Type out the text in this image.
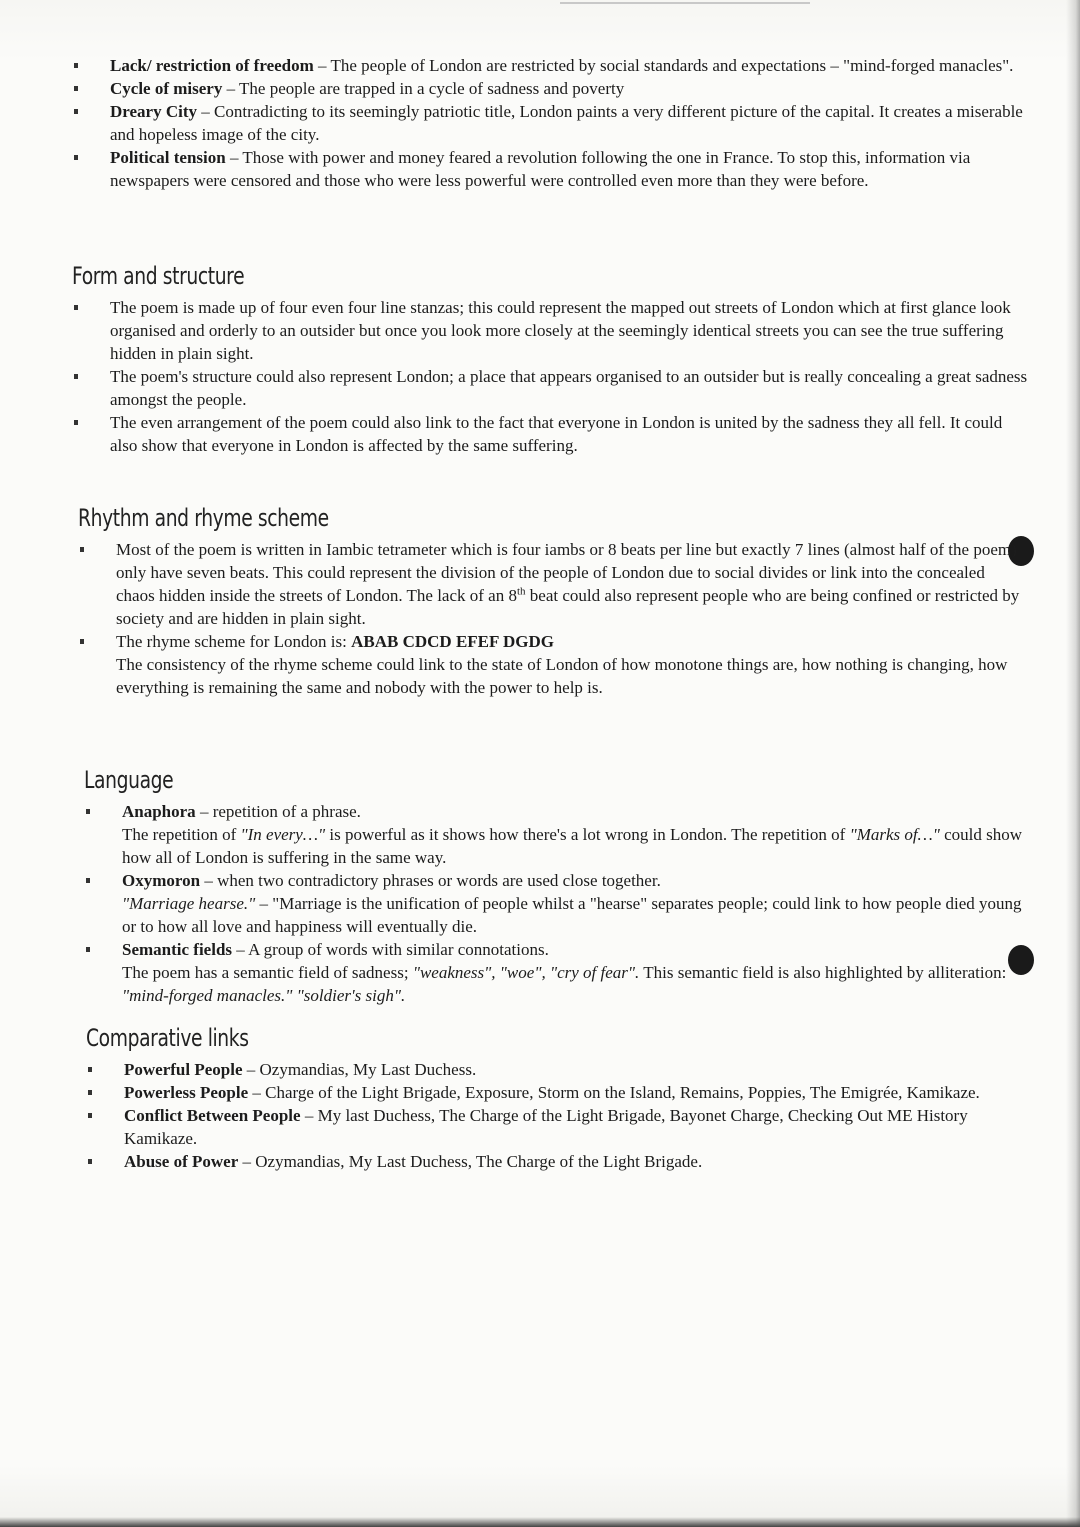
Lack/ restriction of freedom – The people of London are restricted by social standards and expectations – "mind-forged manacles".
Cycle of misery – The people are trapped in a cycle of sadness and poverty
Dreary City – Contradicting to its seemingly patriotic title, London paints a very different picture of the capital. It creates a miserable and hopeless image of the city.
Political tension – Those with power and money feared a revolution following the one in France. To stop this, information via newspapers were censored and those who were less powerful were controlled even more than they were before.
Form and structure
The poem is made up of four even four line stanzas; this could represent the mapped out streets of London which at first glance look organised and orderly to an outsider but once you look more closely at the seemingly identical streets you can see the true suffering hidden in plain sight.
The poem's structure could also represent London; a place that appears organised to an outsider but is really concealing a great sadness amongst the people.
The even arrangement of the poem could also link to the fact that everyone in London is united by the sadness they all fell. It could also show that everyone in London is affected by the same suffering.
Rhythm and rhyme scheme
Most of the poem is written in Iambic tetrameter which is four iambs or 8 beats per line but exactly 7 lines (almost half of the poem) only have seven beats. This could represent the division of the people of London due to social divides or link into the concealed chaos hidden inside the streets of London. The lack of an 8th beat could also represent people who are being confined or restricted by society and are hidden in plain sight.
The rhyme scheme for London is: ABAB CDCD EFEF DGDG
The consistency of the rhyme scheme could link to the state of London of how monotone things are, how nothing is changing, how everything is remaining the same and nobody with the power to help is.
Language
Anaphora – repetition of a phrase.
The repetition of "In every…" is powerful as it shows how there's a lot wrong in London. The repetition of "Marks of…" could show how all of London is suffering in the same way.
Oxymoron – when two contradictory phrases or words are used close together.
"Marriage hearse." – "Marriage is the unification of people whilst a "hearse" separates people; could link to how people died young or to how all love and happiness will eventually die.
Semantic fields – A group of words with similar connotations.
The poem has a semantic field of sadness; "weakness", "woe", "cry of fear". This semantic field is also highlighted by alliteration: "mind-forged manacles." "soldier's sigh".
Comparative links
Powerful People – Ozymandias, My Last Duchess.
Powerless People – Charge of the Light Brigade, Exposure, Storm on the Island, Remains, Poppies, The Emigrée, Kamikaze.
Conflict Between People – My last Duchess, The Charge of the Light Brigade, Bayonet Charge, Checking Out ME History Kamikaze.
Abuse of Power – Ozymandias, My Last Duchess, The Charge of the Light Brigade.
